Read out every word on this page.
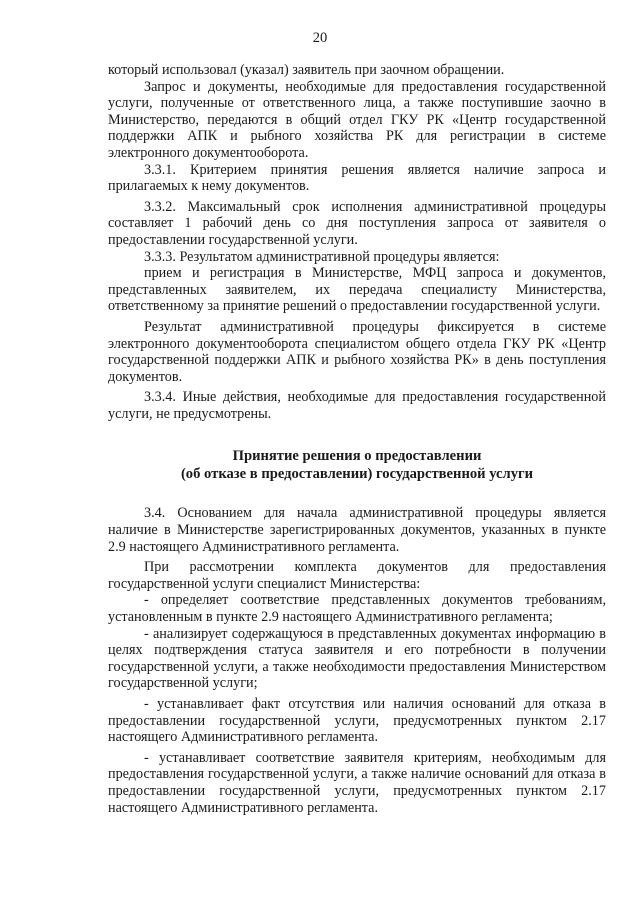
20

который использовал (указал) заявитель при заочном обращении.

Запрос и документы, необходимые для предоставления государственной услуги, полученные от ответственного лица, а также поступившие заочно в Министерство, передаются в общий отдел ГКУ РК «Центр государственной поддержки АПК и рыбного хозяйства РК для регистрации в системе электронного документооборота.

3.3.1. Критерием принятия решения является наличие запроса и прилагаемых к нему документов.

3.3.2. Максимальный срок исполнения административной процедуры составляет 1 рабочий день со дня поступления запроса от заявителя о предоставлении государственной услуги.

3.3.3. Результатом административной процедуры является:

прием и регистрация в Министерстве, МФЦ запроса и документов, представленных заявителем, их передача специалисту Министерства, ответственному за принятие решений о предоставлении государственной услуги.

Результат административной процедуры фиксируется в системе электронного документооборота специалистом общего отдела ГКУ РК «Центр государственной поддержки АПК и рыбного хозяйства РК» в день поступления документов.

3.3.4. Иные действия, необходимые для предоставления государственной услуги, не предусмотрены.

Принятие решения о предоставлении
(об отказе в предоставлении) государственной услуги

3.4. Основанием для начала административной процедуры является наличие в Министерстве зарегистрированных документов, указанных в пункте 2.9 настоящего Административного регламента.

При рассмотрении комплекта документов для предоставления государственной услуги специалист Министерства:

- определяет соответствие представленных документов требованиям, установленным в пункте 2.9 настоящего Административного регламента;

- анализирует содержащуюся в представленных документах информацию в целях подтверждения статуса заявителя и его потребности в получении государственной услуги, а также необходимости предоставления Министерством государственной услуги;

- устанавливает факт отсутствия или наличия оснований для отказа в предоставлении государственной услуги, предусмотренных пунктом 2.17 настоящего Административного регламента.

- устанавливает соответствие заявителя критериям, необходимым для предоставления государственной услуги, а также наличие оснований для отказа в предоставлении государственной услуги, предусмотренных пунктом 2.17 настоящего Административного регламента.
